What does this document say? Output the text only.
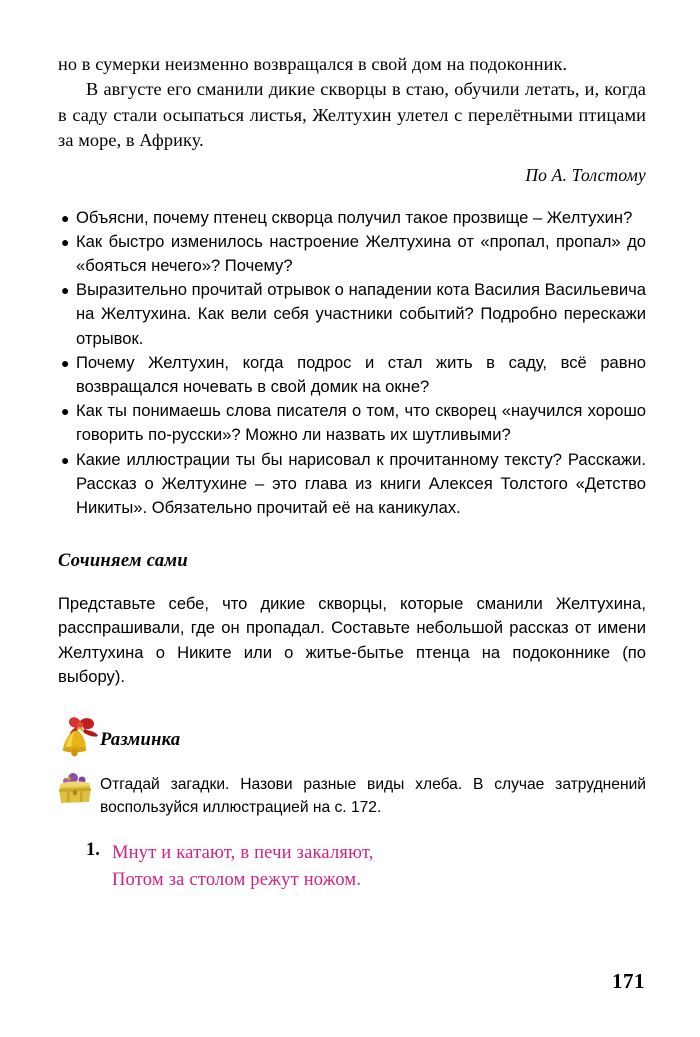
но в сумерки неизменно возвращался в свой дом на подоконник.

В августе его сманили дикие скворцы в стаю, обучили летать, и, когда в саду стали осыпаться листья, Желтухин улетел с перелётными птицами за море, в Африку.

По А. Толстому
● Объясни, почему птенец скворца получил такое прозвище – Желтухин?
● Как быстро изменилось настроение Желтухина от «пропал, пропал» до «бояться нечего»? Почему?
● Выразительно прочитай отрывок о нападении кота Василия Васильевича на Желтухина. Как вели себя участники событий? Подробно перескажи отрывок.
● Почему Желтухин, когда подрос и стал жить в саду, всё равно возвращался ночевать в свой домик на окне?
● Как ты понимаешь слова писателя о том, что скворец «научился хорошо говорить по-русски»? Можно ли назвать их шутливыми?
● Какие иллюстрации ты бы нарисовал к прочитанному тексту? Расскажи. Рассказ о Желтухине – это глава из книги Алексея Толстого «Детство Никиты». Обязательно прочитай её на каникулах.
Сочиняем сами
Представьте себе, что дикие скворцы, которые сманили Желтухина, расспрашивали, где он пропадал. Составьте небольшой рассказ от имени Желтухина о Никите или о житье-бытье птенца на подоконнике (по выбору).
Разминка
Отгадай загадки. Назови разные виды хлеба. В случае затруднений воспользуйся иллюстрацией на с. 172.
1. Мнут и катают, в печи закаляют,
Потом за столом режут ножом.
171
